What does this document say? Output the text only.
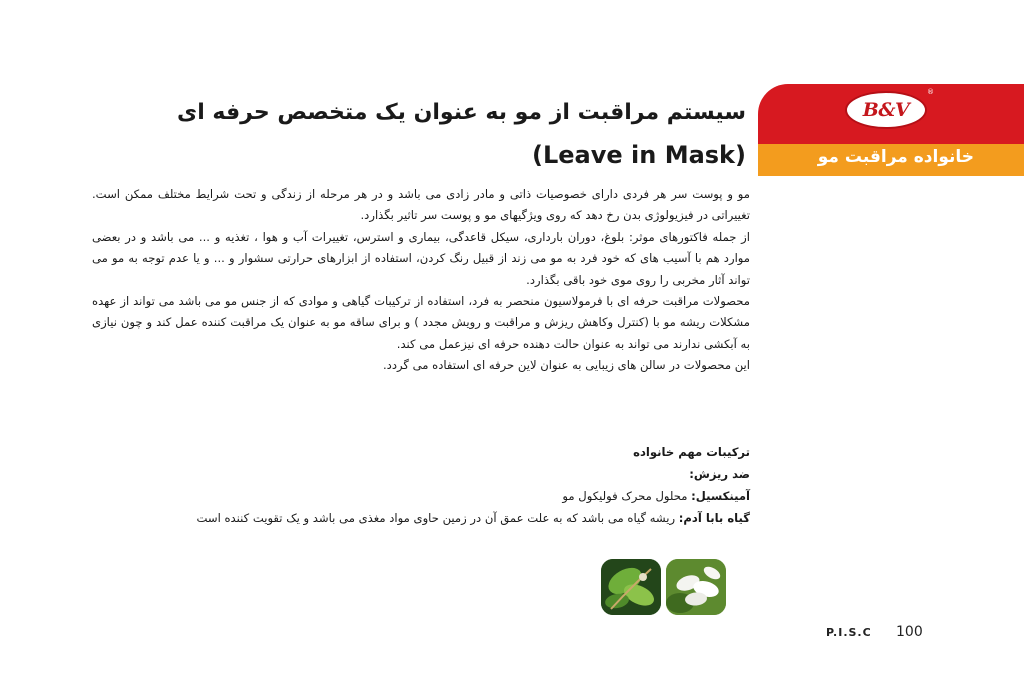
B&V
®
خانواده مراقبت مو
سیستم مراقبت از مو به عنوان یک متخصص حرفه ای
(Leave in Mask)

مو و پوست سر هر فردی دارای خصوصیات ذاتی و مادر زادی می باشد و در هر مرحله از زندگی و تحت شرایط مختلف ممکن است. تغییراتی در فیزیولوژی بدن رخ دهد که روی ویژگیهای مو و پوست سر تاثیر بگذارد.

از جمله فاکتورهای موثر: بلوغ، دوران بارداری، سیکل قاعدگی، بیماری و استرس، تغییرات آب و هوا ، تغذیه و ... می باشد و در بعضی موارد هم با آسیب های که خود فرد به مو می زند از قبیل رنگ کردن، استفاده از ابزارهای حرارتی سشوار و ... و یا عدم توجه به مو می تواند آثار مخربی را روی موی خود باقی بگذارد.

محصولات مراقبت حرفه ای با فرمولاسیون منحصر به فرد، استفاده از ترکیبات گیاهی و موادی که از جنس مو می باشد می تواند از عهده مشکلات ریشه مو با (کنترل وکاهش ریزش و مراقبت و رویش مجدد ) و برای ساقه مو به عنوان یک مراقبت کننده عمل کند و چون نیازی به آبکشی ندارند می تواند به عنوان حالت دهنده حرفه ای نیزعمل می کند.

این محصولات در سالن های زیبایی به عنوان لاین حرفه ای استفاده می گردد.

ترکیبات مهم خانواده

ضد ریزش:

آمینکسیل: محلول محرک فولیکول مو

گیاه بابا آدم: ریشه گیاه می باشد که به علت عمق آن در زمین حاوی مواد مغذی می باشد و یک تقویت کننده است

P.I.S.C 100
